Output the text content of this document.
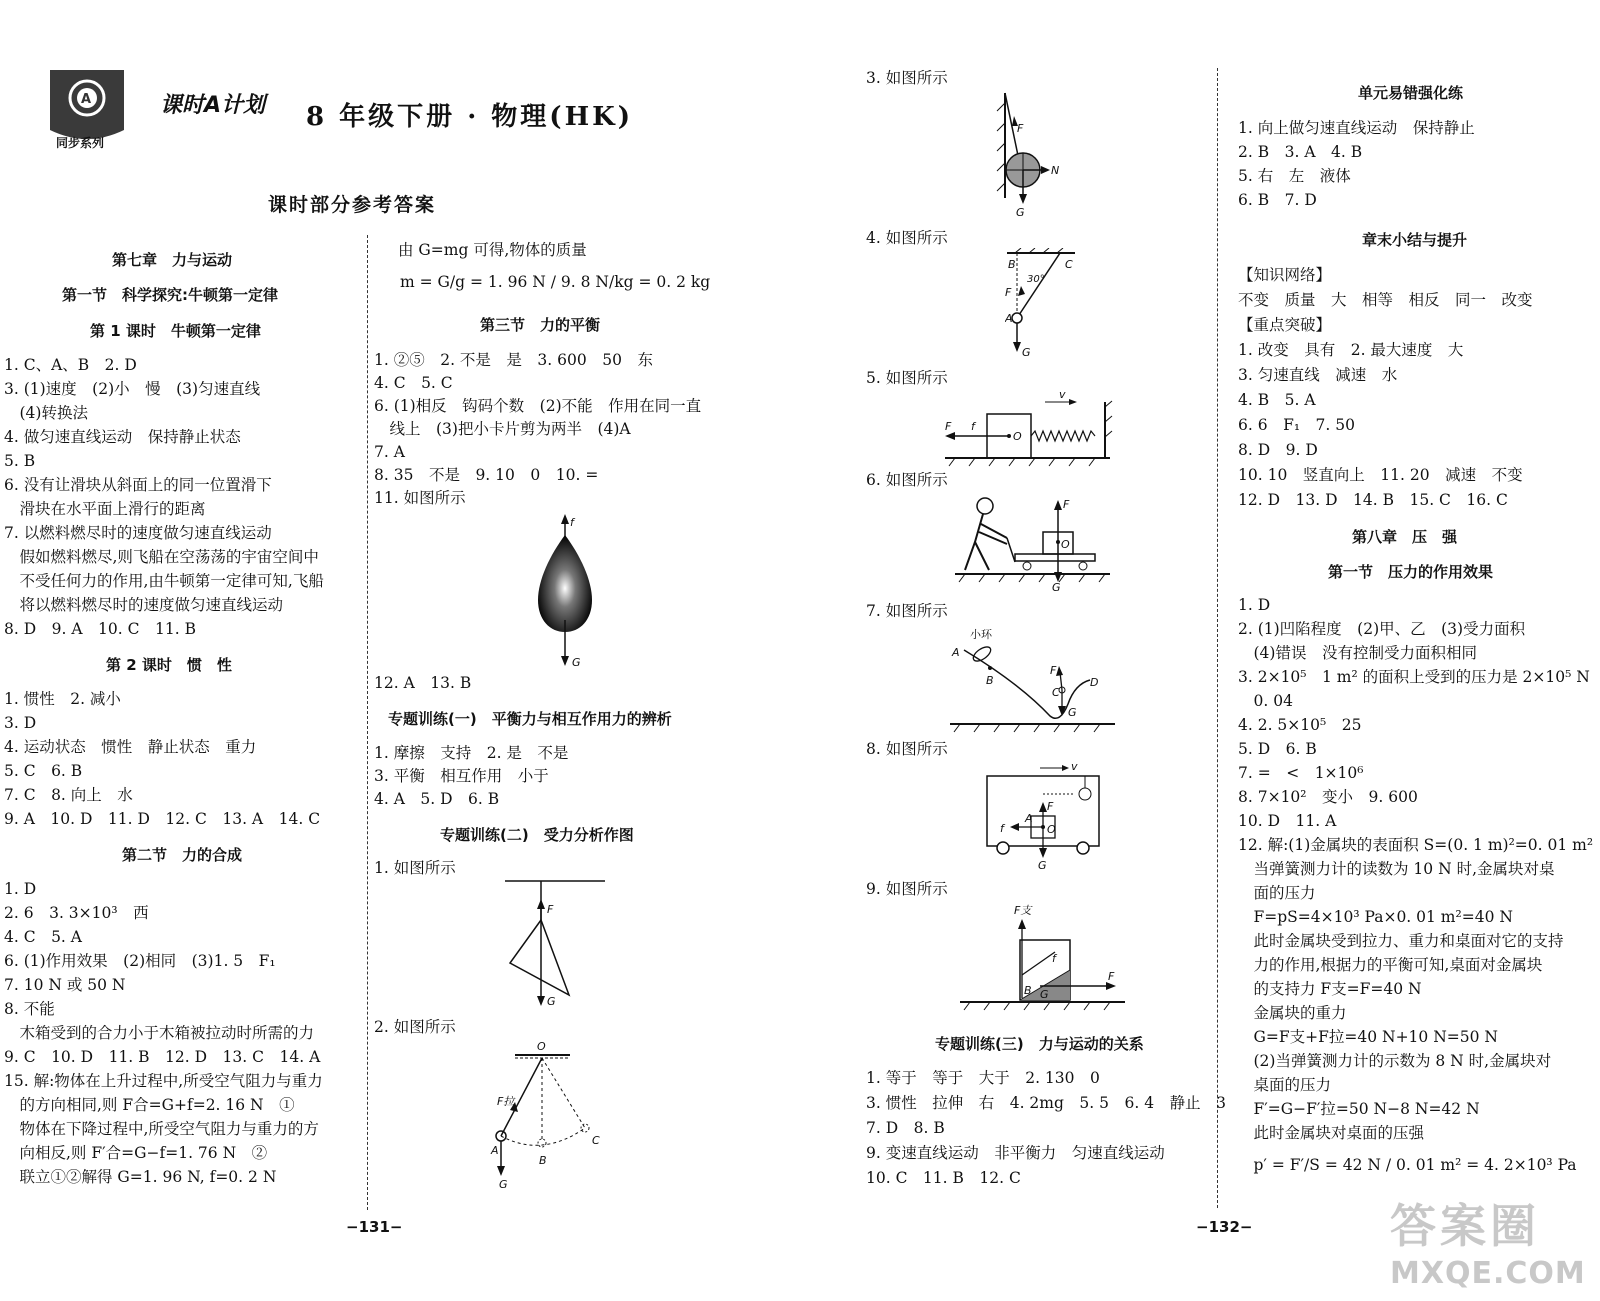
A
同步系列
课时A计划	8 年级下册 · 物理(HK)
课时部分参考答案
第七章　力与运动
第一节　科学探究:牛顿第一定律
第 1 课时　牛顿第一定律
1. C、A、B　2. D
3. (1)速度　(2)小　慢　(3)匀速直线
　(4)转换法
4. 做匀速直线运动　保持静止状态
5. B
6. 没有让滑块从斜面上的同一位置滑下
　滑块在水平面上滑行的距离
7. 以燃料燃尽时的速度做匀速直线运动
　假如燃料燃尽,则飞船在空荡荡的宇宙空间中
　不受任何力的作用,由牛顿第一定律可知,飞船
　将以燃料燃尽时的速度做匀速直线运动
8. D　9. A　10. C　11. B
第 2 课时　惯　性
1. 惯性　2. 减小
3. D
4. 运动状态　惯性　静止状态　重力
5. C　6. B
7. C　8. 向上　水
9. A　10. D　11. D　12. C　13. A　14. C
第二节　力的合成
1. D
2. 6　3. 3×10³　西
4. C　5. A
6. (1)作用效果　(2)相同　(3)1. 5　F₁
7. 10 N 或 50 N
8. 不能
　木箱受到的合力小于木箱被拉动时所需的力
9. C　10. D　11. B　12. D　13. C　14. A
15. 解:物体在上升过程中,所受空气阻力与重力
　的方向相同,则 F合=G+f=2. 16 N　①
　物体在下降过程中,所受空气阻力与重力的方
　向相反,则 F′合=G−f=1. 76 N　②
　联立①②解得 G=1. 96 N, f=0. 2 N
−131−
由 G=mg 可得,物体的质量
m = G/g = 1. 96 N / 9. 8 N/kg = 0. 2 kg
第三节　力的平衡
1. ②⑤　2. 不是　是　3. 600　50　东
4. C　5. C
6. (1)相反　钩码个数　(2)不能　作用在同一直
　线上　(3)把小卡片剪为两半　(4)A
7. A
8. 35　不是　9. 10　0　10. =
11. 如图所示
f
G
12. A　13. B
专题训练(一)　平衡力与相互作用力的辨析
1. 摩擦　支持　2. 是　不是
3. 平衡　相互作用　小于
4. A　5. D　6. B
专题训练(二)　受力分析作图
1. 如图所示
F
G
2. 如图所示
O
F拉
A
B
C
G
3. 如图所示
F
N
G
4. 如图所示
B	C
30°
F
A
G
5. 如图所示
O
v
F f
6. 如图所示
O
F
G
7. 如图所示
小环
A
B
F
C
D
G
8. 如图所示
v
O
F
f
A
G
9. 如图所示
F支
f
F
B G
专题训练(三)　力与运动的关系
1. 等于　等于　大于　2. 130　0
3. 惯性　拉伸　右　4. 2mg　5. 5　6. 4　静止　3
7. D　8. B
9. 变速直线运动　非平衡力　匀速直线运动
10. C　11. B　12. C
−132−
单元易错强化练
1. 向上做匀速直线运动　保持静止
2. B　3. A　4. B
5. 右　左　液体
6. B　7. D
章末小结与提升
【知识网络】
不变　质量　大　相等　相反　同一　改变
【重点突破】
1. 改变　具有　2. 最大速度　大
3. 匀速直线　减速　水
4. B　5. A
6. 6　F₁　7. 50
8. D　9. D
10. 10　竖直向上　11. 20　减速　不变
12. D　13. D　14. B　15. C　16. C
第八章　压　强
第一节　压力的作用效果
1. D
2. (1)凹陷程度　(2)甲、乙　(3)受力面积
　(4)错误　没有控制受力面积相同
3. 2×10⁵　1 m² 的面积上受到的压力是 2×10⁵ N
　0. 04
4. 2. 5×10⁵　25
5. D　6. B
7. =　<　1×10⁶
8. 7×10²　变小　9. 600
10. D　11. A
12. 解:(1)金属块的表面积 S=(0. 1 m)²=0. 01 m²
　当弹簧测力计的读数为 10 N 时,金属块对桌
　面的压力
　F=pS=4×10³ Pa×0. 01 m²=40 N
　此时金属块受到拉力、重力和桌面对它的支持
　力的作用,根据力的平衡可知,桌面对金属块
　的支持力 F支=F=40 N
　金属块的重力
　G=F支+F拉=40 N+10 N=50 N
　(2)当弹簧测力计的示数为 8 N 时,金属块对
　桌面的压力
　F′=G−F′拉=50 N−8 N=42 N
　此时金属块对桌面的压强
　p′ = F′/S = 42 N / 0. 01 m² = 4. 2×10³ Pa
答案圈
MXQE.COM
